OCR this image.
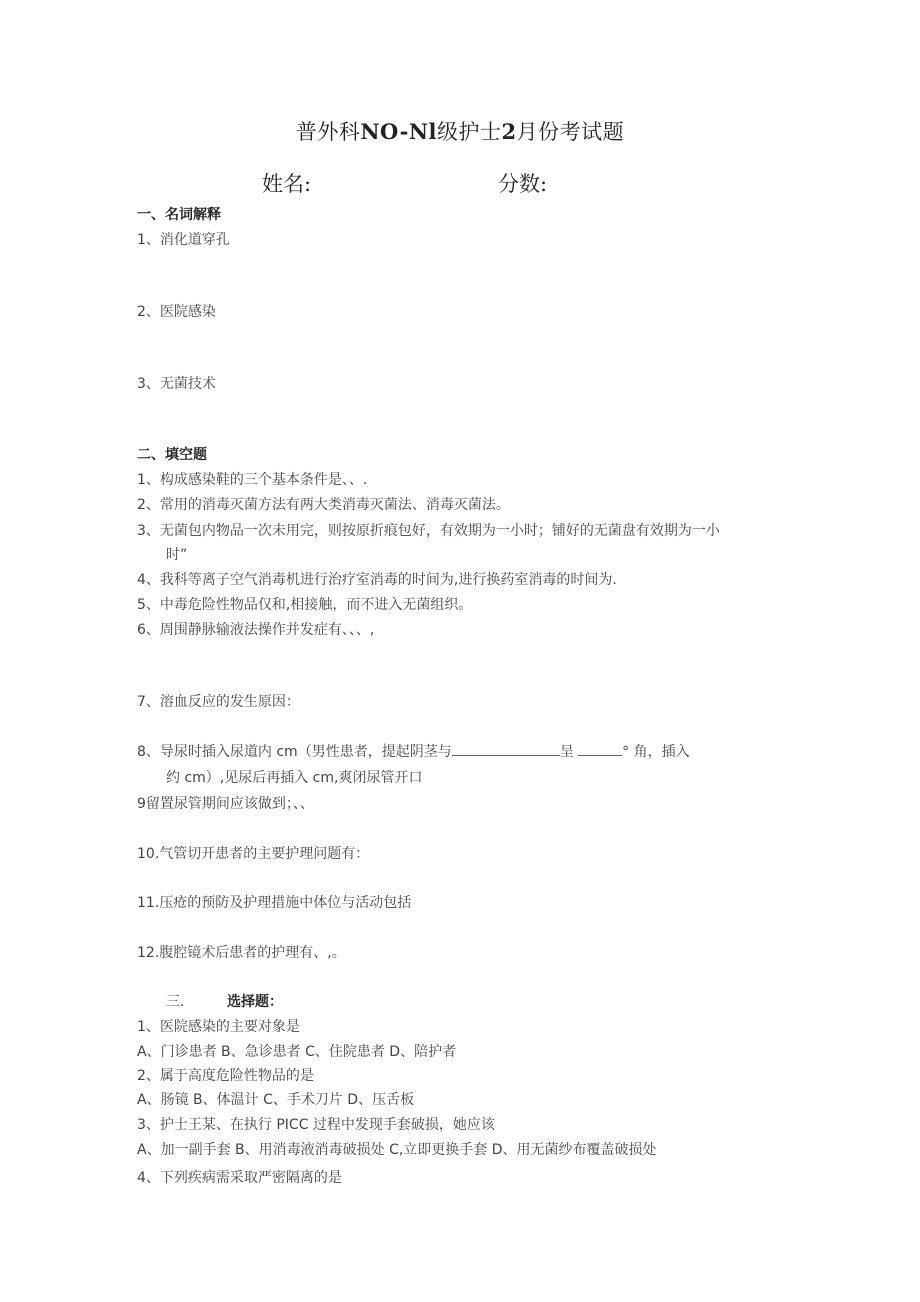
普外科NO-Nl级护士2月份考试题
姓名:	分数:
一、名词解释
1、消化道穿孔
2、医院感染
3、无菌技术
二、填空题
1、构成感染鞋的三个基本条件是、、.
2、常用的消毒灭菌方法有两大类消毒灭菌法、消毒灭菌法。
3、无菌包内物品一次未用完，则按原折痕包好，有效期为一小时；铺好的无菌盘有效期为一小
时”
4、我科等离子空气消毒机进行治疗室消毒的时间为,进行换药室消毒的时间为.
5、中毒危险性物品仅和,相接触，而不进入无菌组织。
6、周围静脉输液法操作并发症有、、、,
7、溶血反应的发生原因：
8、导尿时插入尿道内 cm（男性患者，提起阴茎与	呈	° 角，插入
约 cm）,见尿后再插入 cm,爽闭尿管开口
9留置尿管期间应该做到；、、
10.气管切开患者的主要护理问题有：
11.压疮的预防及护理措施中体位与活动包括
12.腹腔镜术后患者的护理有、,。
三.	选择题：
1、医院感染的主要对象是
A、门诊患者 B、急诊患者 C、住院患者 D、陪护者
2、属于高度危险性物品的是
A、肠镜 B、体温计 C、手术刀片 D、压舌板
3、护士王某、在执行 PICC 过程中发现手套破损，她应该
A、加一副手套 B、用消毒液消毒破损处 C,立即更换手套 D、用无菌纱布覆盖破损处
4、下列疾病需采取严密隔离的是
